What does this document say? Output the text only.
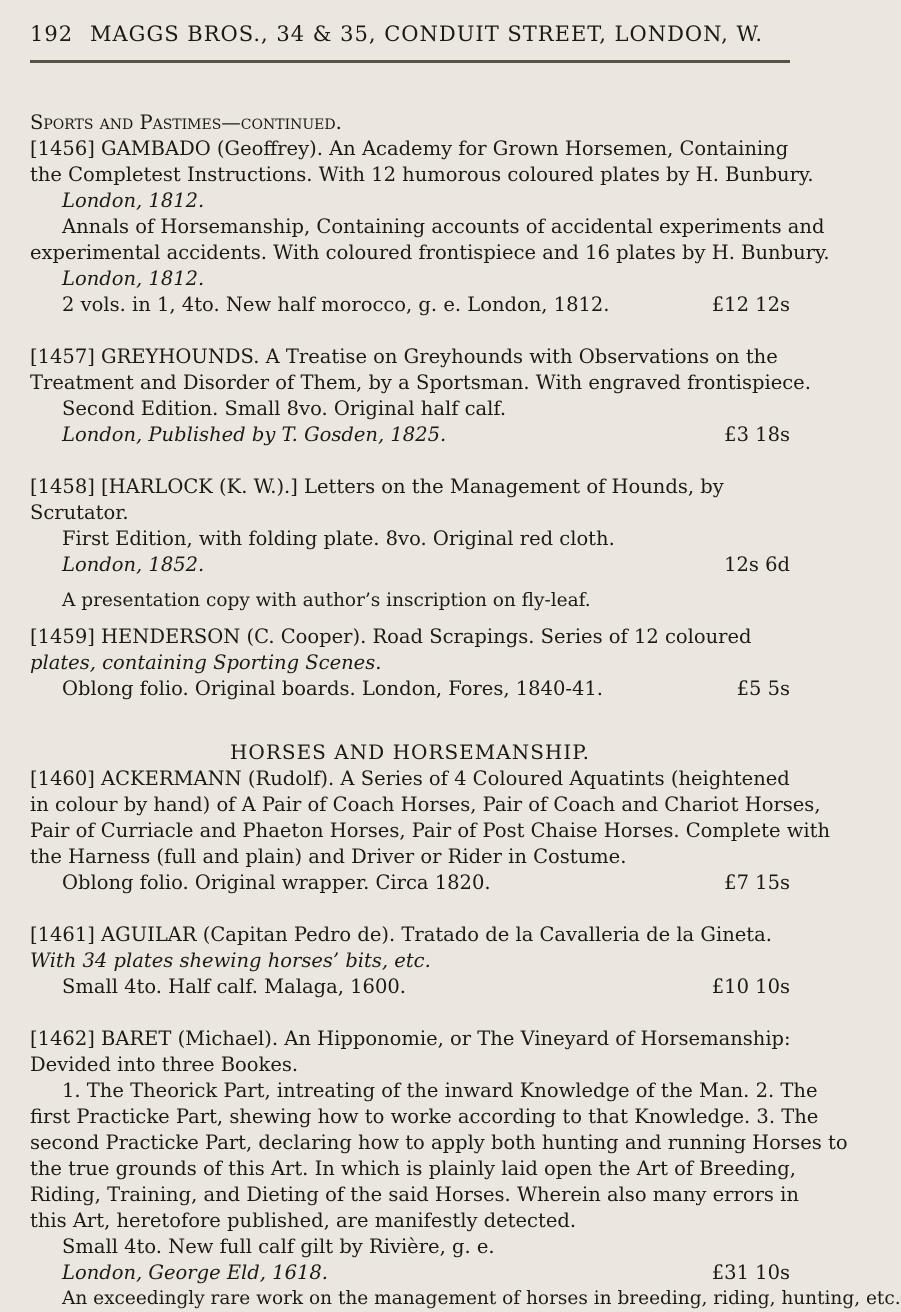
192 MAGGS BROS., 34 & 35, CONDUIT STREET, LONDON, W.
Sports and Pastimes—continued.
[1456] GAMBADO (Geoffrey). An Academy for Grown Horsemen, Containing
the Completest Instructions. With 12 humorous coloured plates by H. Bunbury.
London, 1812.
Annals of Horsemanship, Containing accounts of accidental experiments and
experimental accidents. With coloured frontispiece and 16 plates by H. Bunbury.
London, 1812.
2 vols. in 1, 4to. New half morocco, g. e. London, 1812.	£12 12s
[1457] GREYHOUNDS. A Treatise on Greyhounds with Observations on the
Treatment and Disorder of Them, by a Sportsman. With engraved frontispiece.
Second Edition. Small 8vo. Original half calf.
London, Published by T. Gosden, 1825.	£3 18s
[1458] [HARLOCK (K. W.).] Letters on the Management of Hounds, by
Scrutator.
First Edition, with folding plate. 8vo. Original red cloth.
London, 1852.	12s 6d
A presentation copy with author’s inscription on fly-leaf.
[1459] HENDERSON (C. Cooper). Road Scrapings. Series of 12 coloured
plates, containing Sporting Scenes.
Oblong folio. Original boards. London, Fores, 1840-41.	£5 5s
HORSES AND HORSEMANSHIP.
[1460] ACKERMANN (Rudolf). A Series of 4 Coloured Aquatints (heightened
in colour by hand) of A Pair of Coach Horses, Pair of Coach and Chariot Horses,
Pair of Curriacle and Phaeton Horses, Pair of Post Chaise Horses. Complete with
the Harness (full and plain) and Driver or Rider in Costume.
Oblong folio. Original wrapper. Circa 1820.	£7 15s
[1461] AGUILAR (Capitan Pedro de). Tratado de la Cavalleria de la Gineta.
With 34 plates shewing horses’ bits, etc.
Small 4to. Half calf. Malaga, 1600.	£10 10s
[1462] BARET (Michael). An Hipponomie, or The Vineyard of Horsemanship:
Devided into three Bookes.
1. The Theorick Part, intreating of the inward Knowledge of the Man. 2. The
first Practicke Part, shewing how to worke according to that Knowledge. 3. The
second Practicke Part, declaring how to apply both hunting and running Horses to
the true grounds of this Art. In which is plainly laid open the Art of Breeding,
Riding, Training, and Dieting of the said Horses. Wherein also many errors in
this Art, heretofore published, are manifestly detected.
Small 4to. New full calf gilt by Rivière, g. e.
London, George Eld, 1618.	£31 10s
An exceedingly rare work on the management of horses in breeding, riding, hunting, etc.
